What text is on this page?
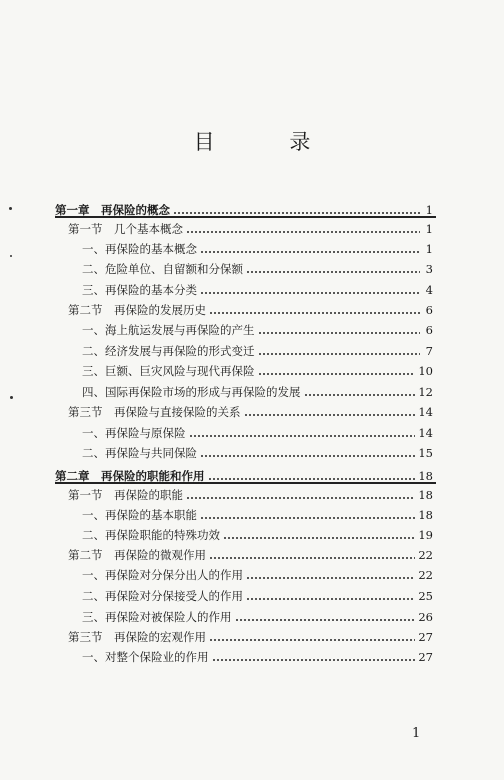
目 录
第一章　再保险的概念	1
第一节　几个基本概念	1
一、再保险的基本概念	1
二、危险单位、自留额和分保额	3
三、再保险的基本分类	4
第二节　再保险的发展历史	6
一、海上航运发展与再保险的产生	6
二、经济发展与再保险的形式变迁	7
三、巨额、巨灾风险与现代再保险	10
四、国际再保险市场的形成与再保险的发展	12
第三节　再保险与直接保险的关系	14
一、再保险与原保险	14
二、再保险与共同保险	15
第二章　再保险的职能和作用	18
第一节　再保险的职能	18
一、再保险的基本职能	18
二、再保险职能的特殊功效	19
第二节　再保险的微观作用	22
一、再保险对分保分出人的作用	22
二、再保险对分保接受人的作用	25
三、再保险对被保险人的作用	26
第三节　再保险的宏观作用	27
一、对整个保险业的作用	27
1
